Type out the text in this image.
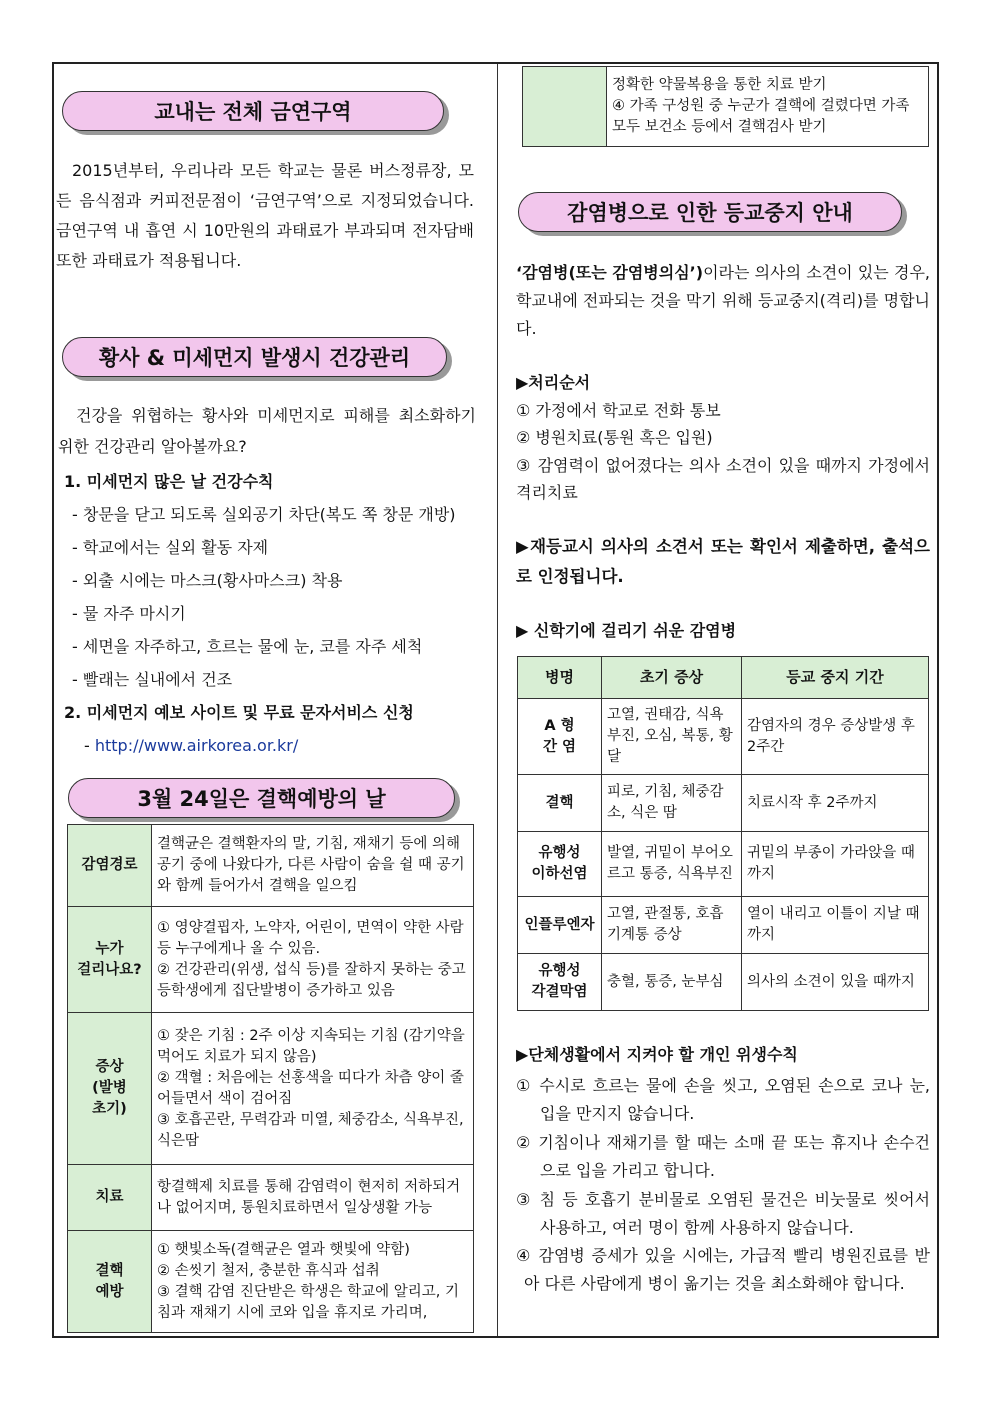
교내는 전체 금연구역
2015년부터, 우리나라 모든 학교는 물론 버스정류장, 모든 음식점과 커피전문점이 ‘금연구역’으로 지정되었습니다. 금연구역 내 흡연 시 10만원의 과태료가 부과되며 전자담배 또한 과태료가 적용됩니다.
황사 & 미세먼지 발생시 건강관리
건강을 위협하는 황사와 미세먼지로 피해를 최소화하기 위한 건강관리 알아볼까요?
1. 미세먼지 많은 날 건강수칙
- 창문을 닫고 되도록 실외공기 차단(복도 쪽 창문 개방)
- 학교에서는 실외 활동 자제
- 외출 시에는 마스크(황사마스크) 착용
- 물 자주 마시기
- 세면을 자주하고, 흐르는 물에 눈, 코를 자주 세척
- 빨래는 실내에서 건조
2. 미세먼지 예보 사이트 및 무료 문자서비스 신청
- http://www.airkorea.or.kr/
3월 24일은 결핵예방의 날
감염경로	결핵균은 결핵환자의 말, 기침, 재채기 등에 의해 공기 중에 나왔다가, 다른 사람이 숨을 쉴 때 공기와 함께 들어가서 결핵을 일으킴
누가
걸리나요?	① 영양결핍자, 노약자, 어린이, 면역이 약한 사람 등 누구에게나 올 수 있음.
② 건강관리(위생, 섭식 등)를 잘하지 못하는 중고등학생에게 집단발병이 증가하고 있음
증상
(발병
초기)	① 잦은 기침 : 2주 이상 지속되는 기침 (감기약을 먹어도 치료가 되지 않음)
② 객혈 : 처음에는 선홍색을 띠다가 차츰 양이 줄어들면서 색이 검어짐
③ 호흡곤란, 무력감과 미열, 체중감소, 식욕부진, 식은땀
치료	항결핵제 치료를 통해 감염력이 현저히 저하되거나 없어지며, 통원치료하면서 일상생활 가능
결핵
예방	① 햇빛소독(결핵균은 열과 햇빛에 약함)
② 손씻기 철저, 충분한 휴식과 섭취
③ 결핵 감염 진단받은 학생은 학교에 알리고, 기침과 재채기 시에 코와 입을 휴지로 가리며,
	정확한 약물복용을 통한 치료 받기
④ 가족 구성원 중 누군가 결핵에 걸렸다면 가족 모두 보건소 등에서 결핵검사 받기
감염병으로 인한 등교중지 안내
‘감염병(또는 감염병의심’)이라는 의사의 소견이 있는 경우, 학교내에 전파되는 것을 막기 위해 등교중지(격리)를 명합니다.
▶처리순서
① 가정에서 학교로 전화 통보
② 병원치료(통원 혹은 입원)
③ 감염력이 없어졌다는 의사 소견이 있을 때까지 가정에서 격리치료
▶재등교시 의사의 소견서 또는 확인서 제출하면, 출석으로 인정됩니다.
▶ 신학기에 걸리기 쉬운 감염병
병명	초기 증상	등교 중지 기간
A 형
간 염	고열, 권태감, 식욕부진, 오심, 복통, 황달	감염자의 경우 증상발생 후 2주간
결핵	피로, 기침, 체중감소, 식은 땀	치료시작 후 2주까지
유행성
이하선염	발열, 귀밑이 부어오르고 통증, 식욕부진	귀밑의 부종이 가라앉을 때까지
인플루엔자	고열, 관절통, 호흡기계통 증상	열이 내리고 이틀이 지날 때까지
유행성
각결막염	충혈, 통증, 눈부심	의사의 소견이 있을 때까지
▶단체생활에서 지켜야 할 개인 위생수칙
① 수시로 흐르는 물에 손을 씻고, 오염된 손으로 코나 눈, 입을 만지지 않습니다.
② 기침이나 재채기를 할 때는 소매 끝 또는 휴지나 손수건으로 입을 가리고 합니다.
③ 침 등 호흡기 분비물로 오염된 물건은 비눗물로 씻어서 사용하고, 여러 명이 함께 사용하지 않습니다.
④ 감염병 증세가 있을 시에는, 가급적 빨리 병원진료를 받아 다른 사람에게 병이 옮기는 것을 최소화해야 합니다.
